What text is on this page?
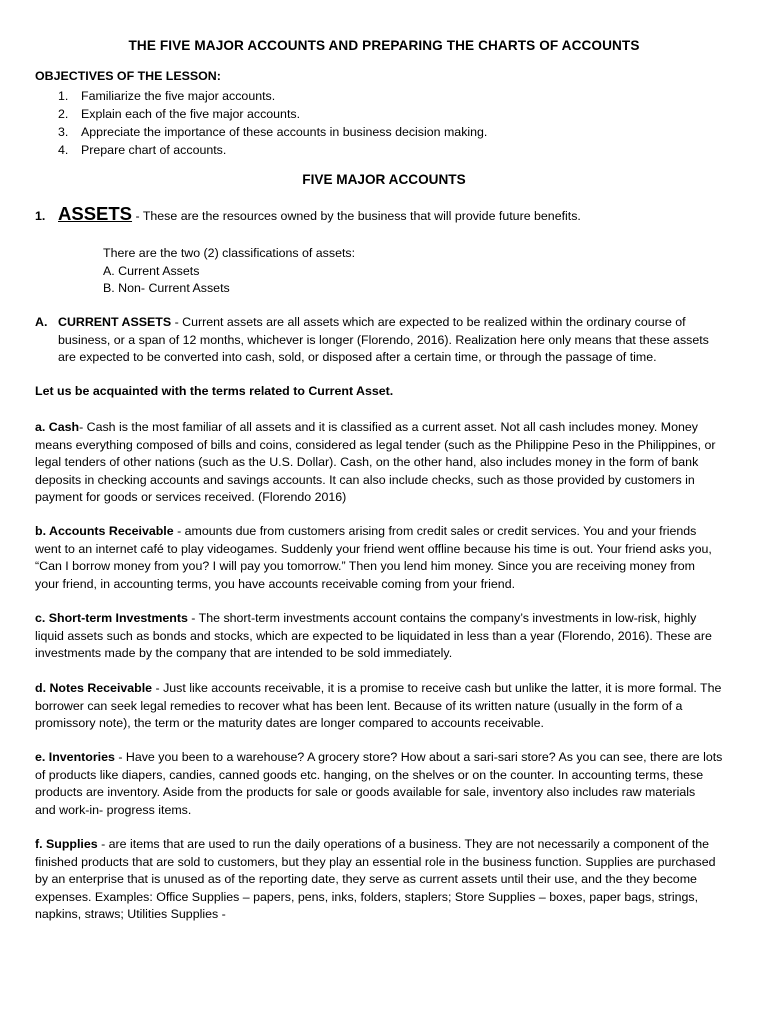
THE FIVE MAJOR ACCOUNTS AND PREPARING THE CHARTS OF ACCOUNTS
OBJECTIVES OF THE LESSON:
1. Familiarize the five major accounts.
2. Explain each of the five major accounts.
3. Appreciate the importance of these accounts in business decision making.
4. Prepare chart of accounts.
FIVE MAJOR ACCOUNTS
1. ASSETS - These are the resources owned by the business that will provide future benefits.
There are the two (2) classifications of assets:
A. Current Assets
B. Non- Current Assets
A. CURRENT ASSETS - Current assets are all assets which are expected to be realized within the ordinary course of
business, or a span of 12 months, whichever is longer (Florendo, 2016). Realization here only means that these assets
are expected to be converted into cash, sold, or disposed after a certain time, or through the passage of time.
Let us be acquainted with the terms related to Current Asset.
a. Cash- Cash is the most familiar of all assets and it is classified as a current asset. Not all cash includes money. Money
means everything composed of bills and coins, considered as legal tender (such as the Philippine Peso in the Philippines, or
legal tenders of other nations (such as the U.S. Dollar). Cash, on the other hand, also includes money in the form of bank
deposits in checking accounts and savings accounts. It can also include checks, such as those provided by customers in
payment for goods or services received. (Florendo 2016)
b. Accounts Receivable - amounts due from customers arising from credit sales or credit services. You and your friends
went to an internet café to play videogames. Suddenly your friend went offline because his time is out. Your friend asks you,
“Can I borrow money from you? I will pay you tomorrow.” Then you lend him money. Since you are receiving money from
your friend, in accounting terms, you have accounts receivable coming from your friend.
c. Short-term Investments - The short-term investments account contains the company’s investments in low-risk, highly
liquid assets such as bonds and stocks, which are expected to be liquidated in less than a year (Florendo, 2016). These are
investments made by the company that are intended to be sold immediately.
d. Notes Receivable - Just like accounts receivable, it is a promise to receive cash but unlike the latter, it is more formal. The
borrower can seek legal remedies to recover what has been lent. Because of its written nature (usually in the form of a
promissory note), the term or the maturity dates are longer compared to accounts receivable.
e. Inventories - Have you been to a warehouse? A grocery store? How about a sari-sari store? As you can see, there are lots
of products like diapers, candies, canned goods etc. hanging, on the shelves or on the counter. In accounting terms, these
products are inventory. Aside from the products for sale or goods available for sale, inventory also includes raw materials
and work-in- progress items.
f. Supplies - are items that are used to run the daily operations of a business. They are not necessarily a component of the
finished products that are sold to customers, but they play an essential role in the business function. Supplies are purchased
by an enterprise that is unused as of the reporting date, they serve as current assets until their use, and the they become
expenses. Examples: Office Supplies – papers, pens, inks, folders, staplers; Store Supplies – boxes, paper bags, strings,
napkins, straws; Utilities Supplies -
